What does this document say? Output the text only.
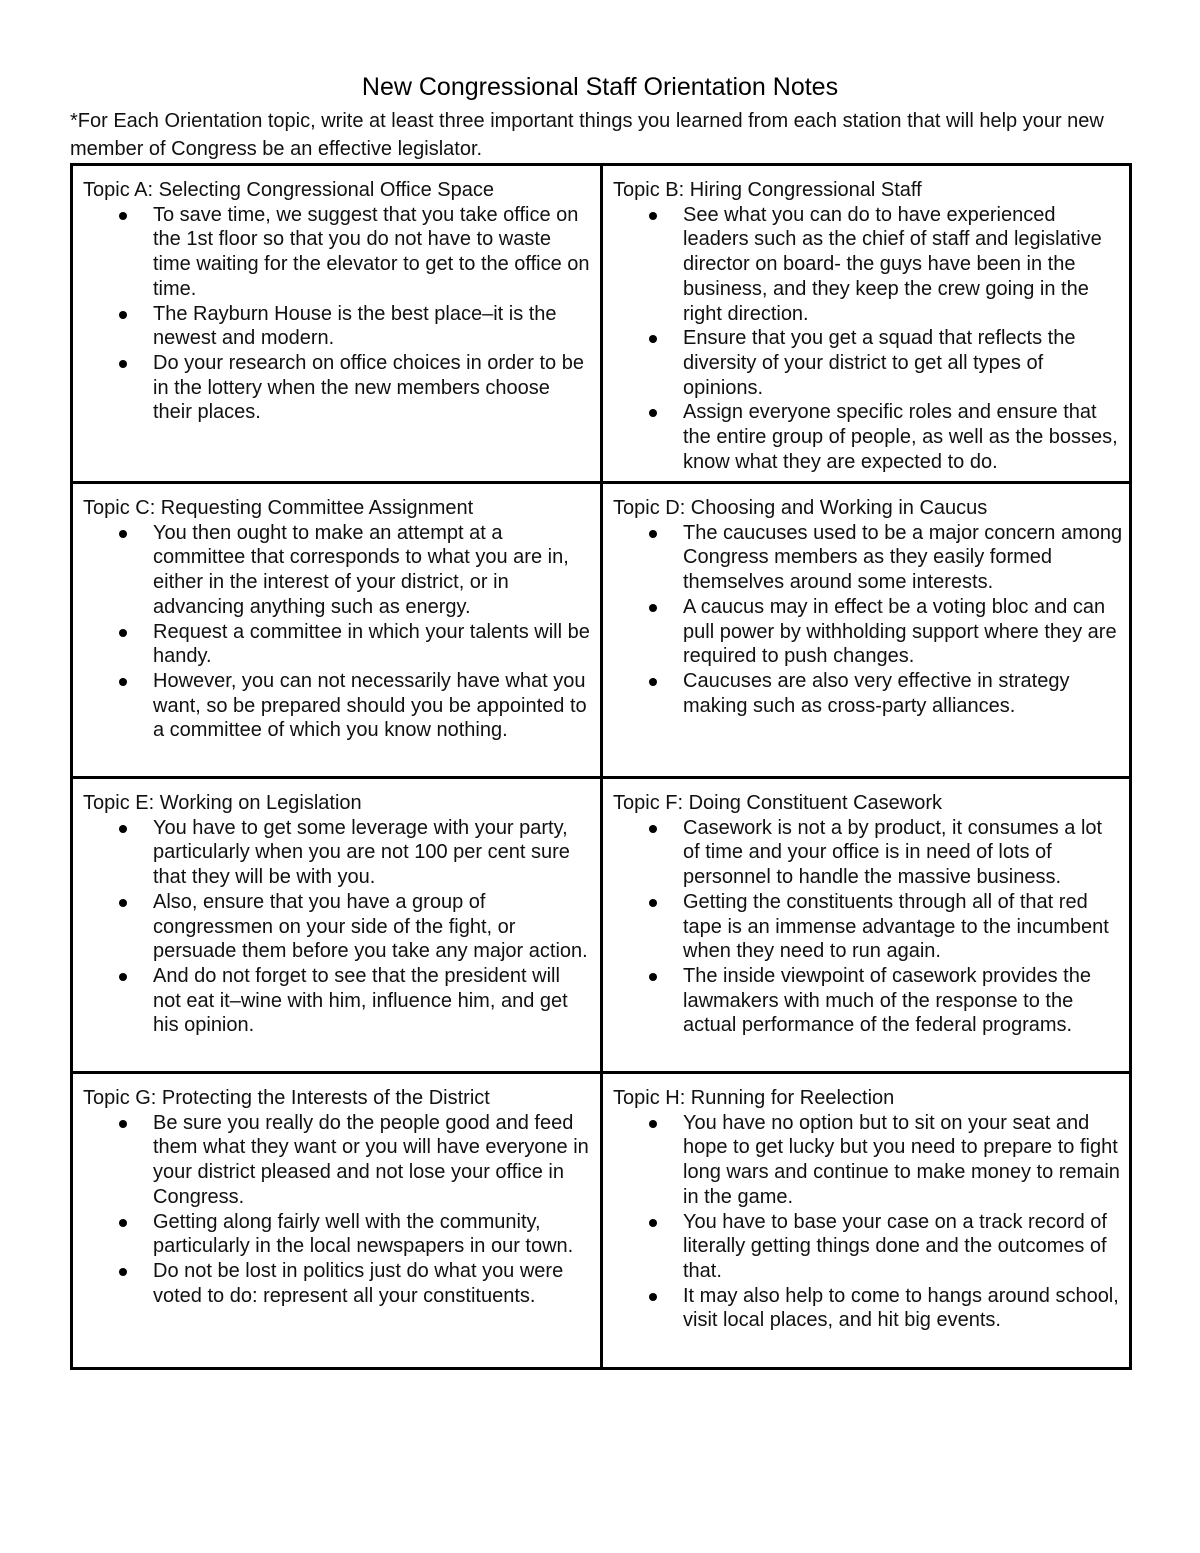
New Congressional Staff Orientation Notes
*For Each Orientation topic, write at least three important things you learned from each station that will help your new member of Congress be an effective legislator.

Topic A: Selecting Congressional Office Space

To save time, we suggest that you take office on the 1st floor so that you do not have to waste time waiting for the elevator to get to the office on time.
The Rayburn House is the best place–it is the newest and modern.
Do your research on office choices in order to be in the lottery when the new members choose their places.

Topic B: Hiring Congressional Staff

See what you can do to have experienced leaders such as the chief of staff and legislative director on board- the guys have been in the business, and they keep the crew going in the right direction.
Ensure that you get a squad that reflects the diversity of your district to get all types of opinions.
Assign everyone specific roles and ensure that the entire group of people, as well as the bosses, know what they are expected to do.

Topic C: Requesting Committee Assignment

You then ought to make an attempt at a committee that corresponds to what you are in, either in the interest of your district, or in advancing anything such as energy.
Request a committee in which your talents will be handy.
However, you can not necessarily have what you want, so be prepared should you be appointed to a committee of which you know nothing.

Topic D: Choosing and Working in Caucus

The caucuses used to be a major concern among Congress members as they easily formed themselves around some interests.
A caucus may in effect be a voting bloc and can pull power by withholding support where they are required to push changes.
Caucuses are also very effective in strategy making such as cross-party alliances.

Topic E: Working on Legislation

You have to get some leverage with your party, particularly when you are not 100 per cent sure that they will be with you.
Also, ensure that you have a group of congressmen on your side of the fight, or persuade them before you take any major action.
And do not forget to see that the president will not eat it–wine with him, influence him, and get his opinion.

Topic F: Doing Constituent Casework

Casework is not a by product, it consumes a lot of time and your office is in need of lots of personnel to handle the massive business.
Getting the constituents through all of that red tape is an immense advantage to the incumbent when they need to run again.
The inside viewpoint of casework provides the lawmakers with much of the response to the actual performance of the federal programs.

Topic G: Protecting the Interests of the District

Be sure you really do the people good and feed them what they want or you will have everyone in your district pleased and not lose your office in Congress.
Getting along fairly well with the community, particularly in the local newspapers in our town.
Do not be lost in politics just do what you were voted to do: represent all your constituents.

Topic H: Running for Reelection

You have no option but to sit on your seat and hope to get lucky but you need to prepare to fight long wars and continue to make money to remain in the game.
You have to base your case on a track record of literally getting things done and the outcomes of that.
It may also help to come to hangs around school, visit local places, and hit big events.
